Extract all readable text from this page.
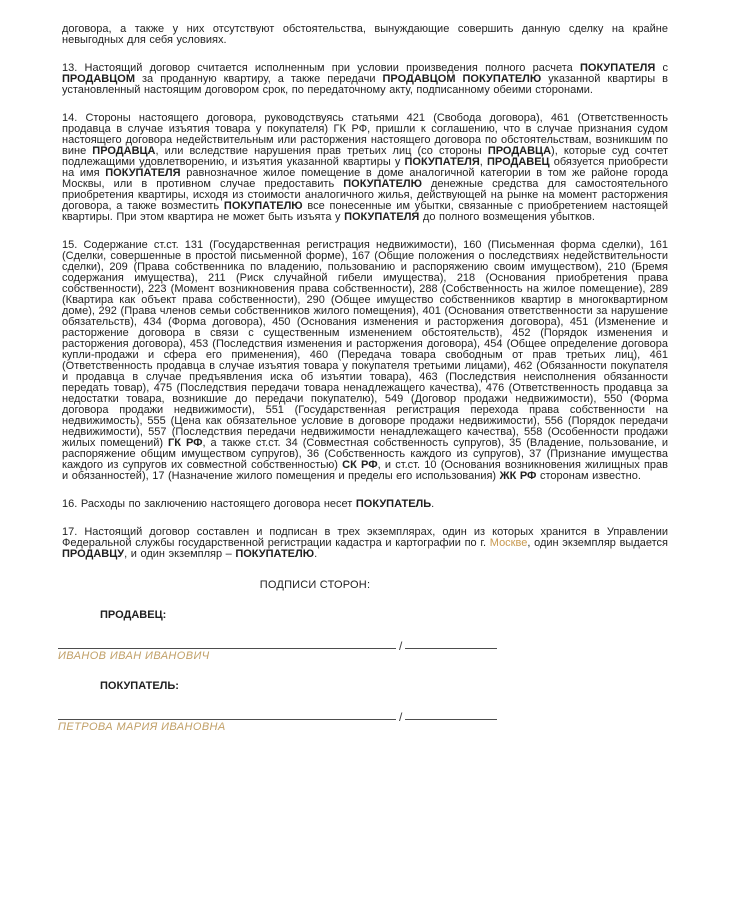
договора, а также у них отсутствуют обстоятельства, вынуждающие совершить данную сделку на крайне невыгодных для себя условиях.

13. Настоящий договор считается исполненным при условии произведения полного расчета ПОКУПАТЕЛЯ с ПРОДАВЦОМ за проданную квартиру, а также передачи ПРОДАВЦОМ ПОКУПАТЕЛЮ указанной квартиры в установленный настоящим договором срок, по передаточному акту, подписанному обеими сторонами.

14. Стороны настоящего договора, руководствуясь статьями 421 (Свобода договора), 461 (Ответственность продавца в случае изъятия товара у покупателя) ГК РФ, пришли к соглашению, что в случае признания судом настоящего договора недействительным или расторжения настоящего договора по обстоятельствам, возникшим по вине ПРОДАВЦА, или вследствие нарушения прав третьих лиц (со стороны ПРОДАВЦА), которые суд сочтет подлежащими удовлетворению, и изъятия указанной квартиры у ПОКУПАТЕЛЯ, ПРОДАВЕЦ обязуется приобрести на имя ПОКУПАТЕЛЯ равнозначное жилое помещение в доме аналогичной категории в том же районе города Москвы, или в противном случае предоставить ПОКУПАТЕЛЮ денежные средства для самостоятельного приобретения квартиры, исходя из стоимости аналогичного жилья, действующей на рынке на момент расторжения договора, а также возместить ПОКУПАТЕЛЮ все понесенные им убытки, связанные с приобретением настоящей квартиры. При этом квартира не может быть изъята у ПОКУПАТЕЛЯ до полного возмещения убытков.

15. Содержание ст.ст. 131 (Государственная регистрация недвижимости), 160 (Письменная форма сделки), 161 (Сделки, совершенные в простой письменной форме), 167 (Общие положения о последствиях недействительности сделки), 209 (Права собственника по владению, пользованию и распоряжению своим имуществом), 210 (Бремя содержания имущества), 211 (Риск случайной гибели имущества), 218 (Основания приобретения права собственности), 223 (Момент возникновения права собственности), 288 (Собственность на жилое помещение), 289 (Квартира как объект права собственности), 290 (Общее имущество собственников квартир в многоквартирном доме), 292 (Права членов семьи собственников жилого помещения), 401 (Основания ответственности за нарушение обязательств), 434 (Форма договора), 450 (Основания изменения и расторжения договора), 451 (Изменение и расторжение договора в связи с существенным изменением обстоятельств), 452 (Порядок изменения и расторжения договора), 453 (Последствия изменения и расторжения договора), 454 (Общее определение договора купли-продажи и сфера его применения), 460 (Передача товара свободным от прав третьих лиц), 461 (Ответственность продавца в случае изъятия товара у покупателя третьими лицами), 462 (Обязанности покупателя и продавца в случае предъявления иска об изъятии товара), 463 (Последствия неисполнения обязанности передать товар), 475 (Последствия передачи товара ненадлежащего качества), 476 (Ответственность продавца за недостатки товара, возникшие до передачи покупателю), 549 (Договор продажи недвижимости), 550 (Форма договора продажи недвижимости), 551 (Государственная регистрация перехода права собственности на недвижимость), 555 (Цена как обязательное условие в договоре продажи недвижимости), 556 (Порядок передачи недвижимости), 557 (Последствия передачи недвижимости ненадлежащего качества), 558 (Особенности продажи жилых помещений) ГК РФ, а также ст.ст. 34 (Совместная собственность супругов), 35 (Владение, пользование, и распоряжение общим имуществом супругов), 36 (Собственность каждого из супругов), 37 (Признание имущества каждого из супругов их совместной собственностью) СК РФ, и ст.ст. 10 (Основания возникновения жилищных прав и обязанностей), 17 (Назначение жилого помещения и пределы его использования) ЖК РФ сторонам известно.

16. Расходы по заключению настоящего договора несет ПОКУПАТЕЛЬ.

17. Настоящий договор составлен и подписан в трех экземплярах, один из которых хранится в Управлении Федеральной службы государственной регистрации кадастра и картографии по г. Москве, один экземпляр выдается ПРОДАВЦУ, и один экземпляр – ПОКУПАТЕЛЮ.

ПОДПИСИ СТОРОН:
ПРОДАВЕЦ:
/
ИВАНОВ ИВАН ИВАНОВИЧ
ПОКУПАТЕЛЬ:
/
ПЕТРОВА МАРИЯ ИВАНОВНА
